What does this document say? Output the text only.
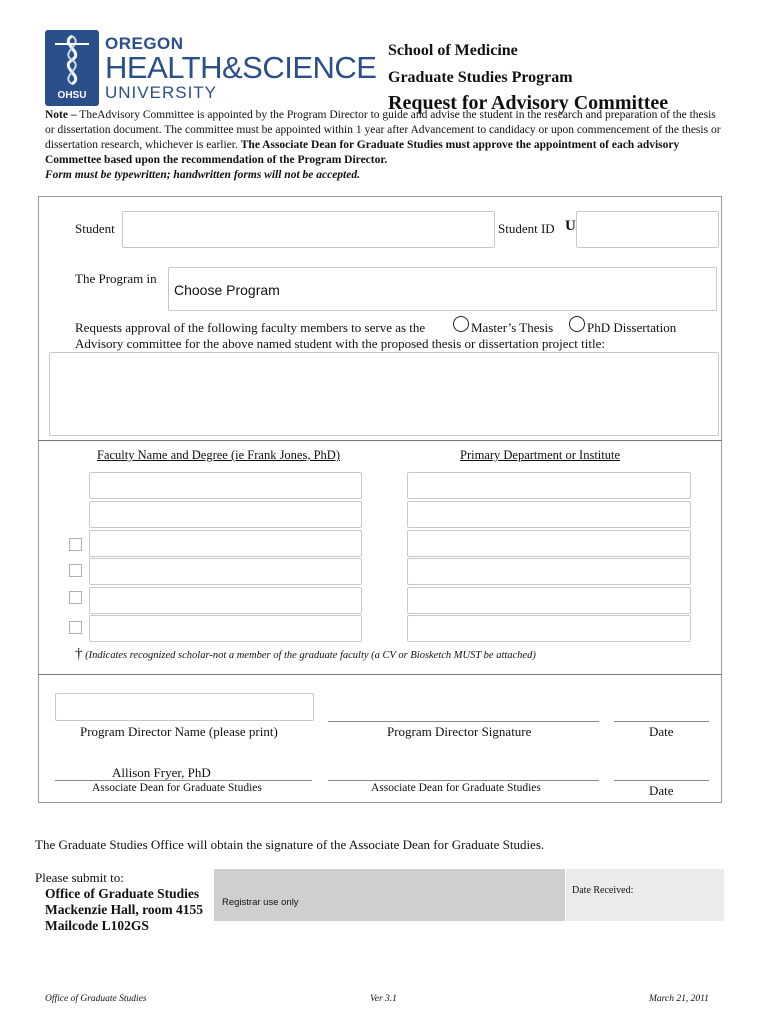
OHSU
OREGON
HEALTH&SCIENCE
UNIVERSITY
School of Medicine
Graduate Studies Program
Request for Advisory Committee
Note – TheAdvisory Committee is appointed by the Program Director to guide and advise the student in the research and preparation of the thesis or dissertation document. The committee must be appointed within 1 year after Advancement to candidacy or upon commencement of the thesis or dissertation research, whichever is earlier. The Associate Dean for Graduate Studies must approve the appointment of each advisory Commettee based upon the recommendation of the Program Director.
Form must be typewritten; handwritten forms will not be accepted.
Student	Student ID U
The Program in
Choose Program
Requests approval of the following faculty members to serve as the	Master’s Thesis	PhD Dissertation
Advisory committee for the above named student with the proposed thesis or dissertation project title:
Faculty Name and Degree (ie Frank Jones, PhD)	Primary Department or Institute
† (Indicates recognized scholar-not a member of the graduate faculty (a CV or Biosketch MUST be attached)
Program Director Name (please print)	Program Director Signature	Date
Allison Fryer, PhD
Associate Dean for Graduate Studies	Associate Dean for Graduate Studies	Date
The Graduate Studies Office will obtain the signature of the Associate Dean for Graduate Studies.
Please submit to:
Office of Graduate Studies
Mackenzie Hall, room 4155
Mailcode L102GS
Registrar use only
Date Received:
Office of Graduate Studies	Ver 3.1	March 21, 2011
